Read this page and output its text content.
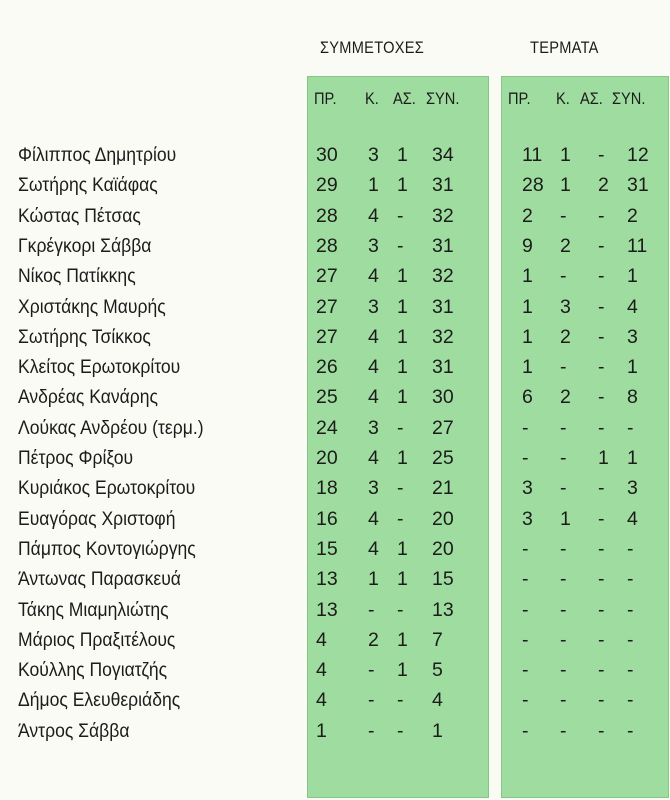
ΣΥΜΜΕΤΟΧΕΣ	ΤΕΡΜΑΤΑ
ΠΡ. Κ. ΑΣ. ΣΥΝ.	ΠΡ. Κ. ΑΣ. ΣΥΝ.
Φίλιππος Δημητρίου	30 3 1 34	11 1 - 12
Σωτήρης Καϊάφας	29 1 1 31	28 1 2 31
Κώστας Πέτσας	28 4 - 32	2 - - 2
Γκρέγκορι Σάββα	28 3 - 31	9 2 - 11
Νίκος Πατίκκης	27 4 1 32	1 - - 1
Χριστάκης Μαυρής	27 3 1 31	1 3 - 4
Σωτήρης Τσίκκος	27 4 1 32	1 2 - 3
Κλείτος Ερωτοκρίτου	26 4 1 31	1 - - 1
Ανδρέας Κανάρης	25 4 1 30	6 2 - 8
Λούκας Ανδρέου (τερμ.)	24 3 - 27	- - - -
Πέτρος Φρίξου	20 4 1 25	- - 1 1
Κυριάκος Ερωτοκρίτου	18 3 - 21	3 - - 3
Ευαγόρας Χριστοφή	16 4 - 20	3 1 - 4
Πάμπος Κοντογιώργης	15 4 1 20	- - - -
Άντωνας Παρασκευά	13 1 1 15	- - - -
Τάκης Μιαμηλιώτης	13 - - 13	- - - -
Μάριος Πραξιτέλους	4 2 1 7	- - - -
Κούλλης Πογιατζής	4 - 1 5	- - - -
Δήμος Ελευθεριάδης	4 - - 4	- - - -
Άντρος Σάββα	1 - - 1	- - - -
